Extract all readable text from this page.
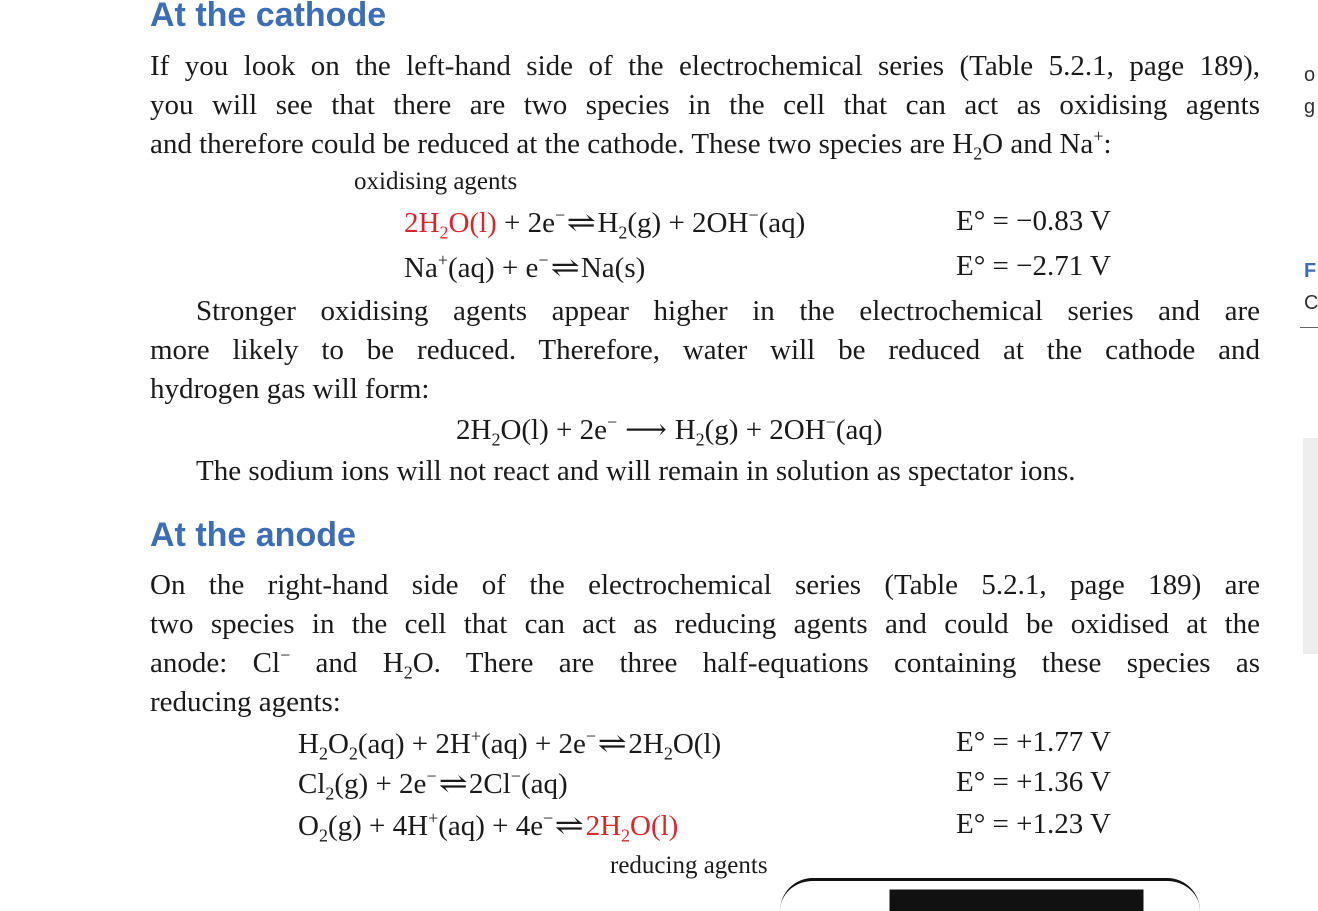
At the cathode
If you look on the left-hand side of the electrochemical series (Table 5.2.1, page 189),
you will see that there are two species in the cell that can act as oxidising agents
and therefore could be reduced at the cathode. These two species are $H_2O$ and Na+:
oxidising agents
$2H_2O(l)$ + $2e^-\rightleftharpoons H_2(g) + 2OH^-(aq)$	E° = −0.83 V
Na+(aq) + e−⇌Na(s)	E° = −2.71 V
Stronger oxidising agents appear higher in the electrochemical series and are
more likely to be reduced. Therefore, water will be reduced at the cathode and
hydrogen gas will form:
$2H_2O(l) + 2e^-$ ⟶ $H_2(g) + 2OH^-(aq)$
The sodium ions will not react and will remain in solution as spectator ions.
At the anode
On the right-hand side of the electrochemical series (Table 5.2.1, page 189) are
two species in the cell that can act as reducing agents and could be oxidised at the
anode: Cl− and $H_2O$. There are three half-equations containing these species as
reducing agents:
$H_2O_2(aq) + 2H^+(aq)$ + $2e^-\rightleftharpoons 2H_2O(l)$	E° = +1.77 V
$Cl_2(g)$ + 2e−⇌2Cl−(aq)	E° = +1.36 V
$O_2(g) + 4H^+(aq)$ + $4e^-\rightleftharpoons 2H_2O(l)$	E° = +1.23 V
reducing agents
o
g
F
C
